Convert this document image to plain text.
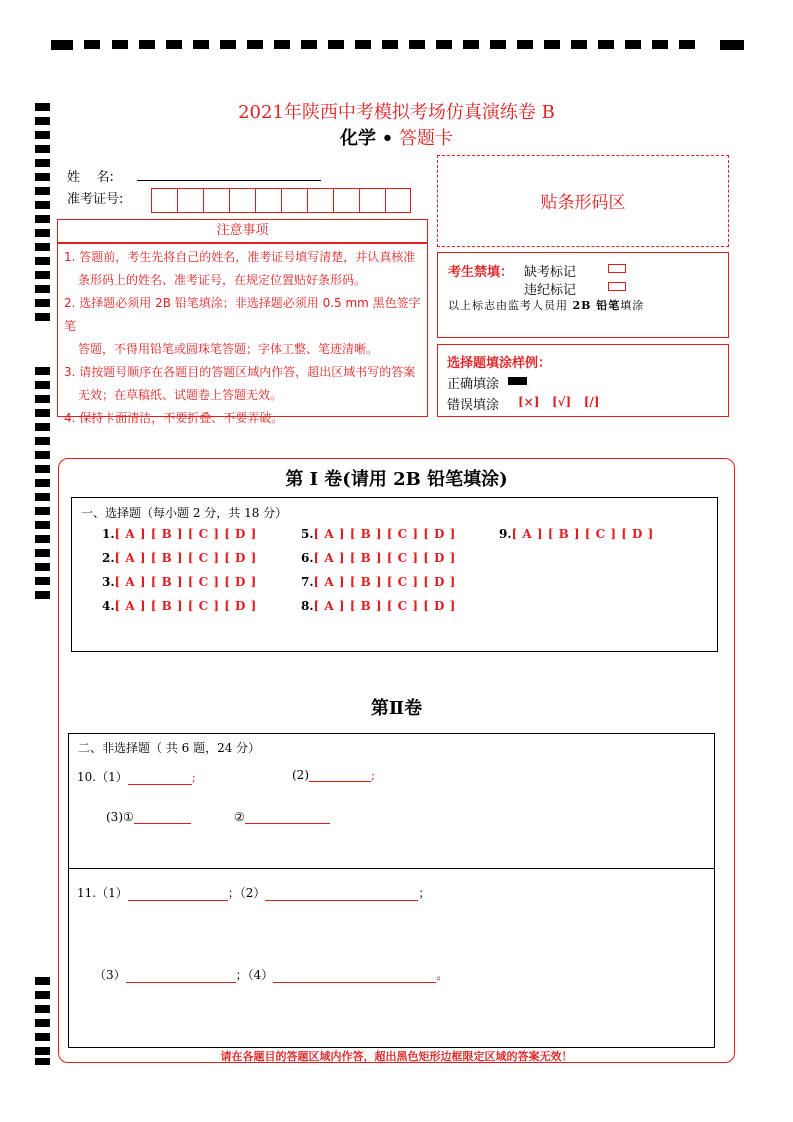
2021年陕西中考模拟考场仿真演练卷 B
化学 • 答题卡
姓    名:
准考证号:	贴条形码区
注意事项

1. 答题前，考生先将自己的姓名，准考证号填写清楚，并认真核准

条形码上的姓名、准考证号，在规定位置贴好条形码。

2. 选择题必须用 2B 铅笔填涂；非选择题必须用 0.5 mm 黑色签字笔

答题，不得用铅笔或圆珠笔答题；字体工整、笔迹清晰。

3. 请按题号顺序在各题目的答题区域内作答，超出区域书写的答案

无效；在草稿纸、试题卷上答题无效。

4. 保持卡面清洁，不要折叠、不要弄破。

考生禁填： 缺考标记
违纪标记
以上标志由监考人员用 2B 铅笔填涂
选择题填涂样例：
正确填涂
错误填涂 [×]   [√]   [/]
第 I 卷(请用 2B 铅笔填涂)
一、选择题（每小题 2 分，共 18 分）
1.[ A ] [ B ] [ C ] [ D ]
2.[ A ] [ B ] [ C ] [ D ]
3.[ A ] [ B ] [ C ] [ D ]
4.[ A ] [ B ] [ C ] [ D ]
5.[ A ] [ B ] [ C ] [ D ]
6.[ A ] [ B ] [ C ] [ D ]
7.[ A ] [ B ] [ C ] [ D ]
8.[ A ] [ B ] [ C ] [ D ]
9.[ A ] [ B ] [ C ] [ D ]
第Ⅱ卷
二、非选择题（ 共 6 题，24 分）
10.（1）	;	(2)	;
(3)①	②
11.（1）	；（2）	；
（3）	；（4）	。
请在各题目的答题区域内作答，超出黑色矩形边框限定区域的答案无效！
